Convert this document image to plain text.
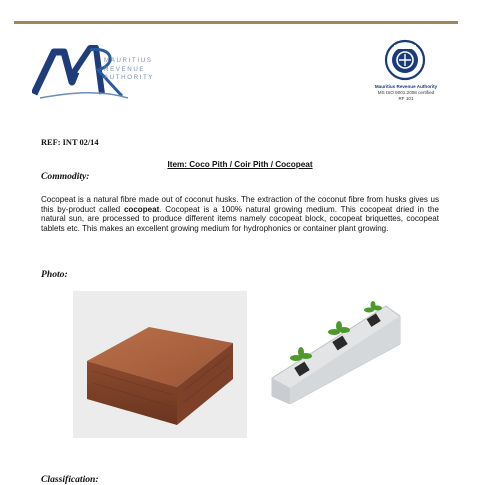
MAURITIUS
REVENUE
AUTHORITY
Mauritius Revenue Authority
MS ISO 9001:2008 certified
RF 101
REF: INT 02/14
Item: Coco Pith / Coir Pith / Cocopeat
Commodity:
Cocopeat is a natural fibre made out of coconut husks. The extraction of the coconut fibre from husks gives us this by-product called cocopeat. Cocopeat is a 100% natural growing medium. This cocopeat dried in the natural sun, are processed to produce different items namely cocopeat block, cocopeat briquettes, cocopeat tablets etc. This makes an excellent growing medium for hydrophonics or container plant growing.
Photo:
Classification:
